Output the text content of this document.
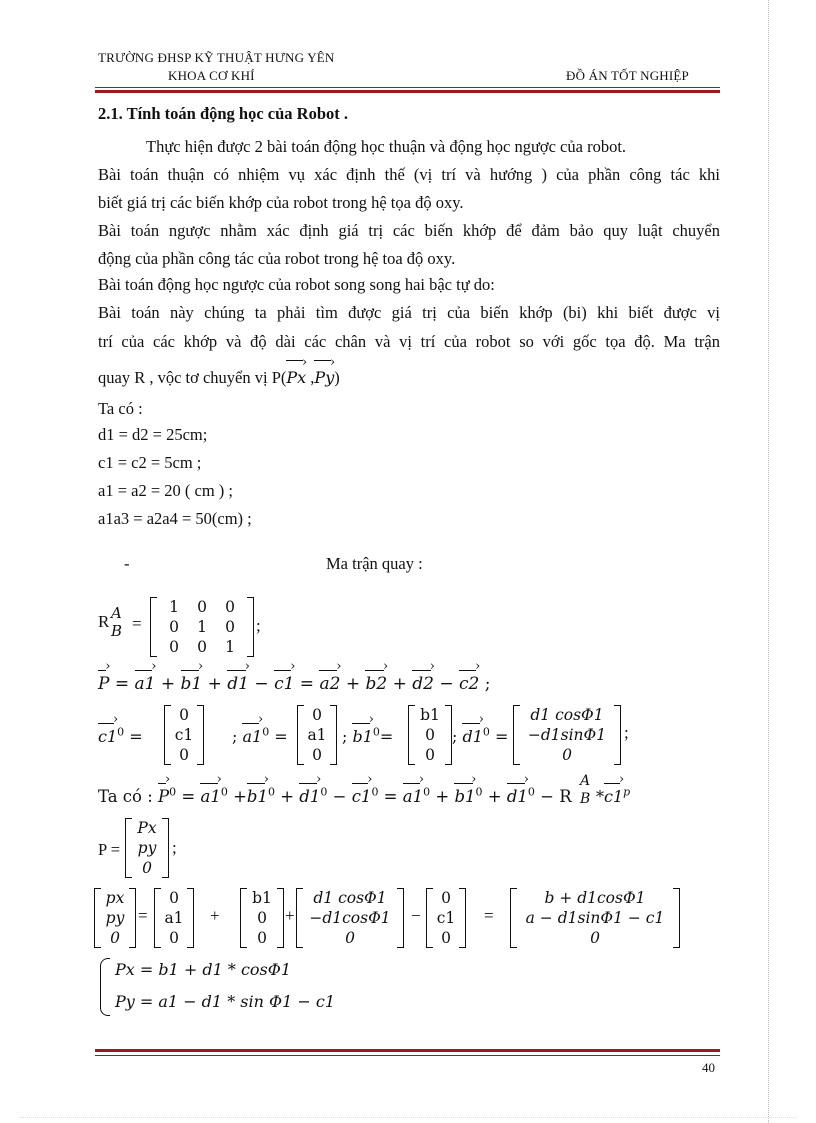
TRƯỜNG ĐHSP KỸ THUẬT HƯNG YÊN
KHOA CƠ KHÍ	ĐỒ ÁN TỐT NGHIỆP
2.1. Tính toán động học của Robot .
Thực hiện được 2 bài toán động học thuận và động học ngược của robot.
Bài toán thuận có nhiệm vụ xác định thế (vị trí và hướng ) của phần công tác khi
biết giá trị các biến khớp của robot trong hệ tọa độ oxy.
Bài toán ngược nhằm xác định giá trị các biến khớp để đảm bảo quy luật chuyển
động của phần công tác của robot trong hệ toa độ oxy.
Bài toán động học ngược của robot song song hai bậc tự do:
Bài toán này chúng ta phải tìm được giá trị của biến khớp (bi) khi biết được vị
trí của các khớp và độ dài các chân và vị trí của robot so với gốc tọa độ. Ma trận
quay R , vộc tơ chuyển vị P(Px › ,Py ›)
Ta có :
d1 = d2 = 25cm;
c1 = c2 = 5cm ;
a1 = a2 = 20 ( cm ) ;
a1a3 = a2a4 = 50(cm) ;
-	Ma trận quay :
R A
B =
1	0	0
0	1	0
0	0	1
;
P › = a1 › + b1 › + d1 › − c1 › = a2 › + b2 › + d2 › − c2 › ;
c1 ›$^0$ =
0
c1
0
; a1 ›$^0$ =
0
a1
0
; b1 ›$^0$=
b1
0
0
; d1 ›$^0$ =
d1 cosΦ1
−d1sinΦ1
0
;
Ta có : P ›$^0$ = a1 ›$^0$ +b1 ›$^0$ + d1 ›$^0$ − c1 ›$^0$ = a1 ›$^0$ + b1 ›$^0$ + d1 ›$^0$ − R
A
B *c1 ›$^p$
P =
Px
py
0
;
px
py
0
=
0
a1
0
+
b1
0
0
+
d1 cosΦ1
−d1cosΦ1
0
−
0
c1
0
=
b + d1cosΦ1
a − d1sinΦ1 − c1
0
Px = b1 + d1 * cosΦ1
Py = a1 − d1 * sin Φ1 − c1
40
